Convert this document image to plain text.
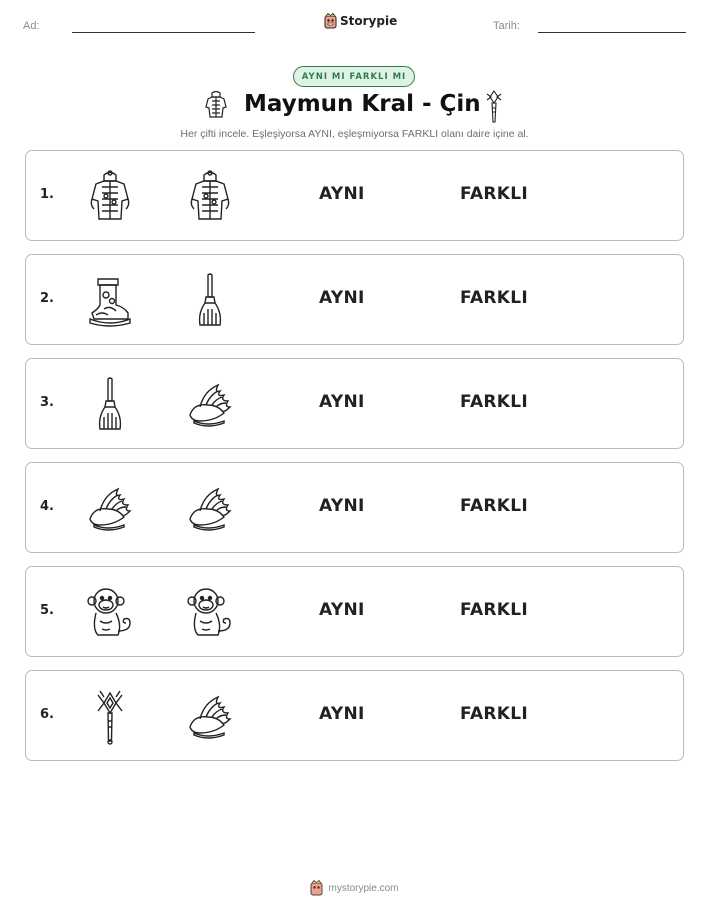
Ad:	Storypie	Tarih:
AYNI MI FARKLI MI
Maymun Kral - Çin
Her çifti incele. Eşleşiyorsa AYNI, eşleşmiyorsa FARKLI olanı daire içine al.
1.	AYNI	FARKLI
2.	AYNI	FARKLI
3.	AYNI	FARKLI
4.	AYNI	FARKLI
5.	AYNI	FARKLI
6.	AYNI	FARKLI
mystorypie.com
